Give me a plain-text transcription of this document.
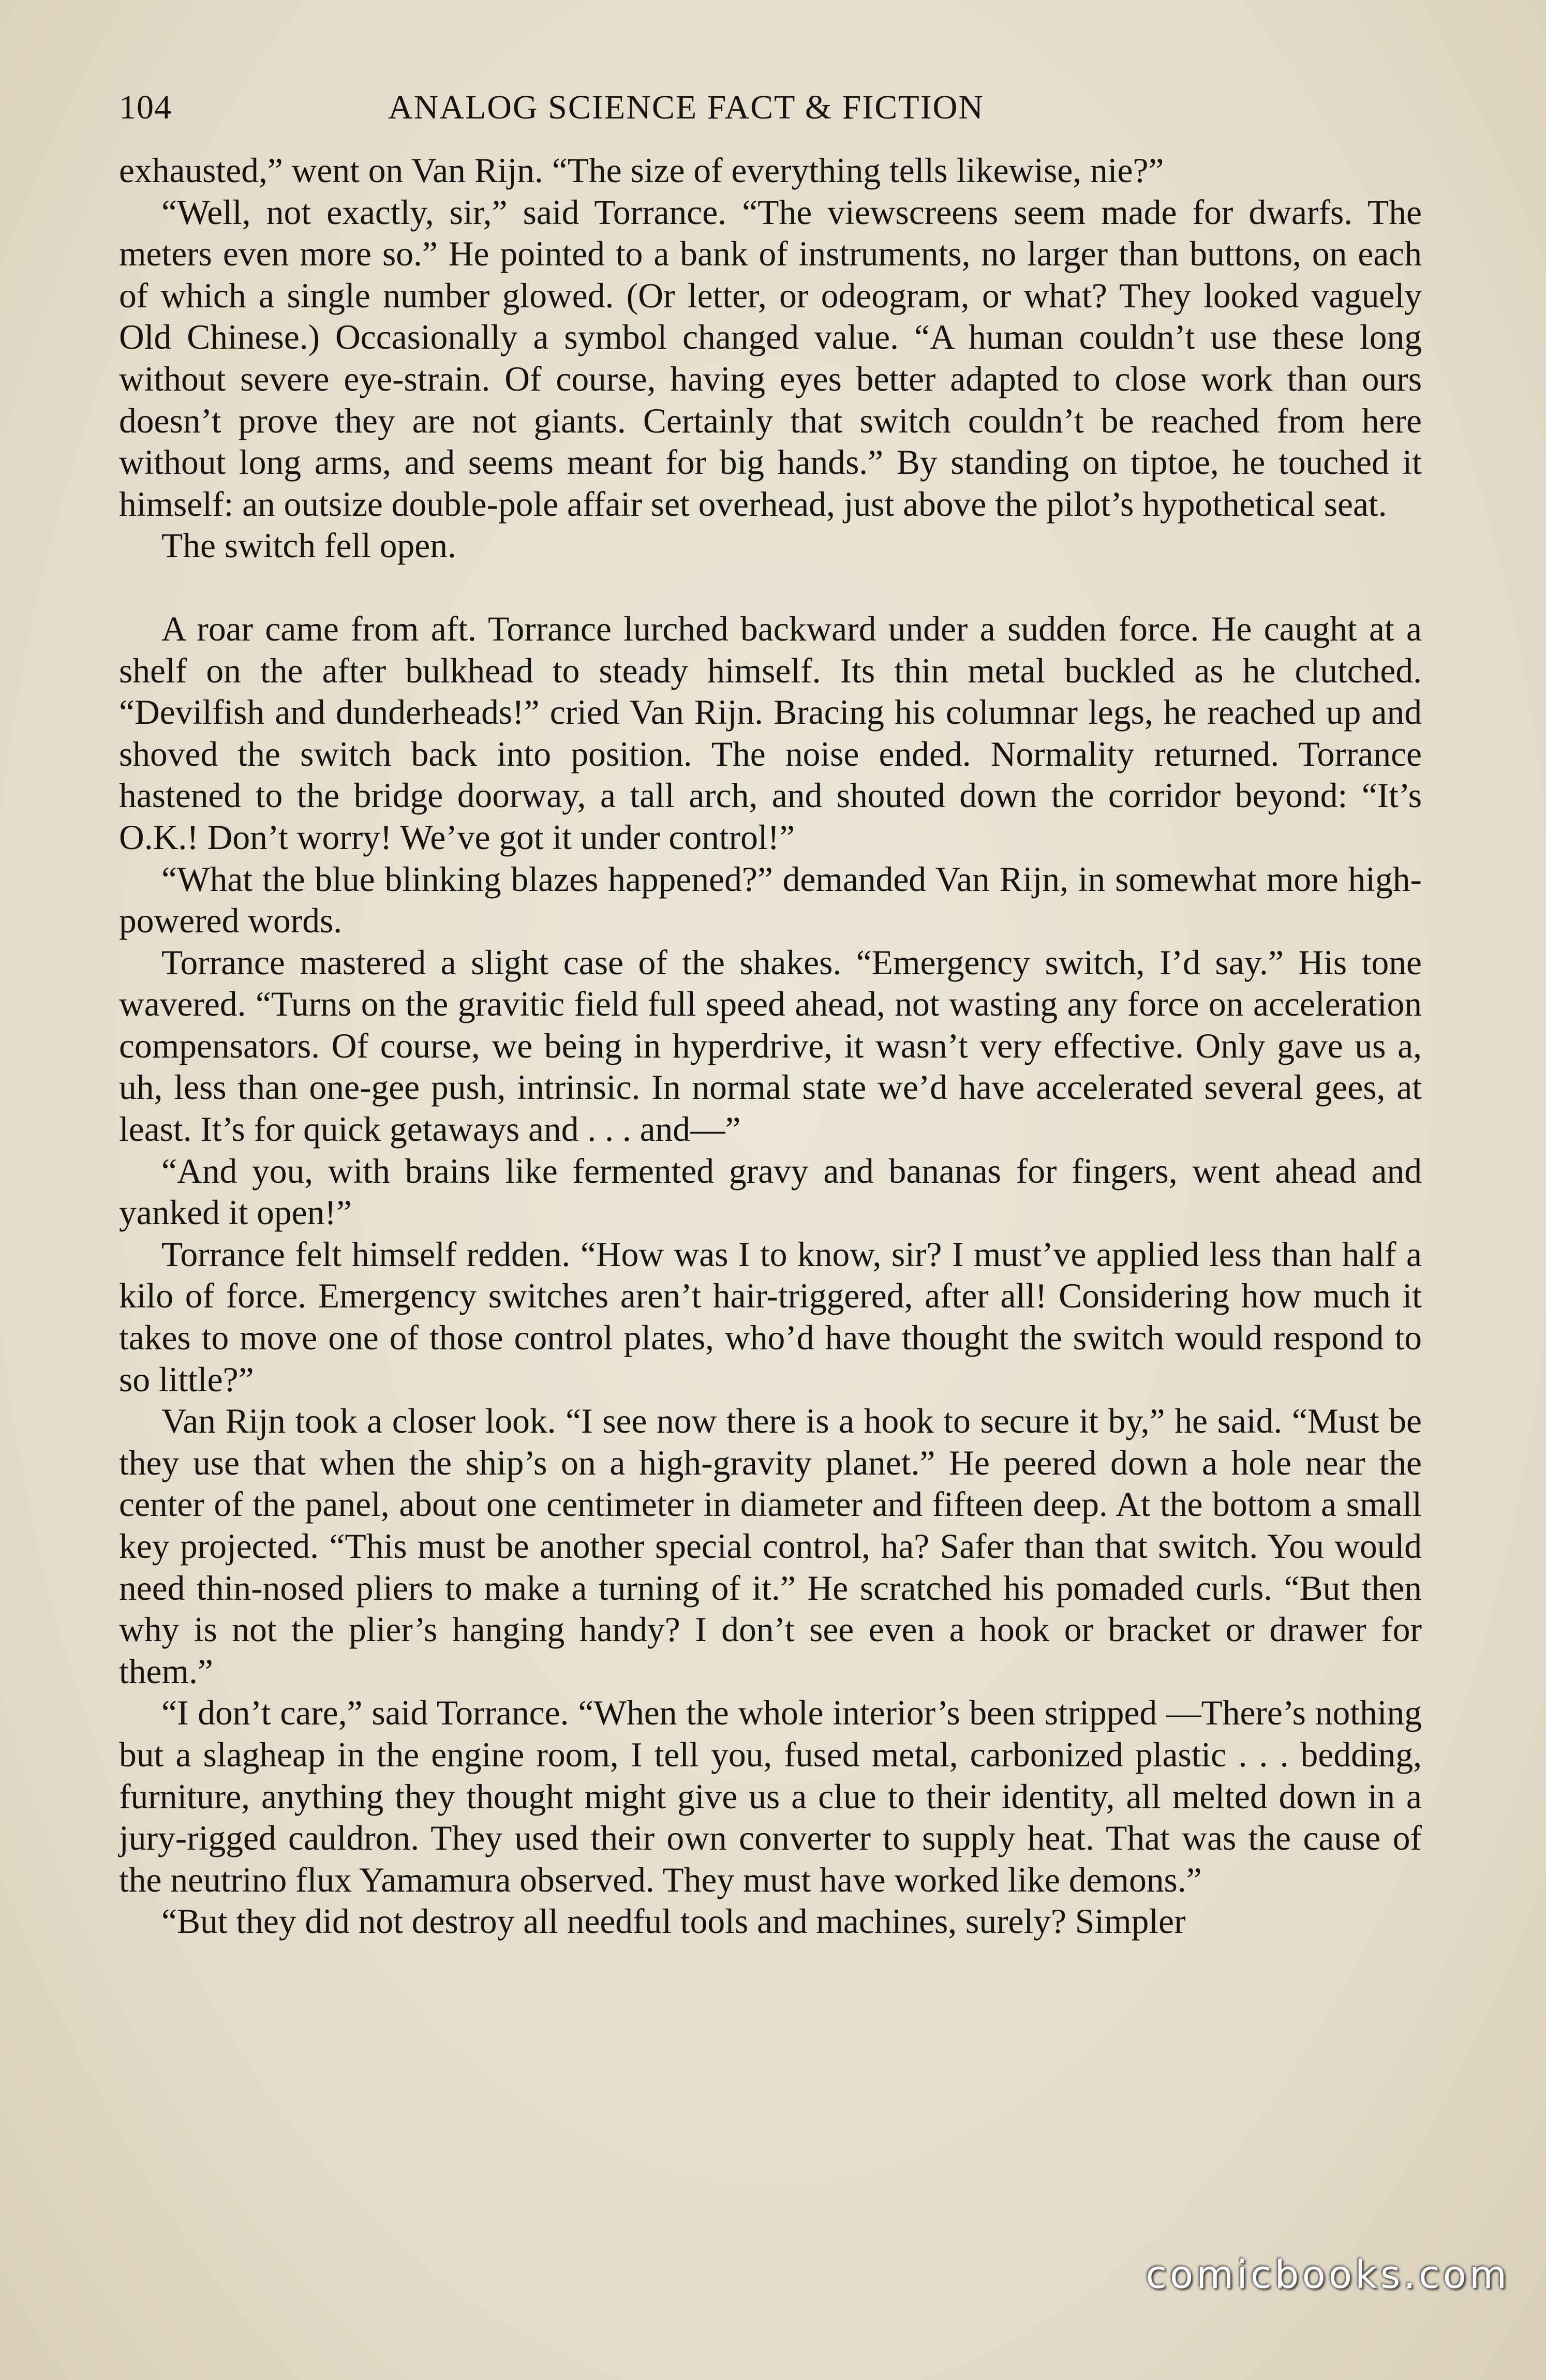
104	ANALOG SCIENCE FACT & FICTION

exhausted,” went on Van Rijn. “The size of everything tells likewise, nie?”

“Well, not exactly, sir,” said Torrance. “The viewscreens seem made for dwarfs. The meters even more so.” He pointed to a bank of instruments, no larger than buttons, on each of which a single number glowed. (Or letter, or odeogram, or what? They looked vaguely Old Chinese.) Occasionally a symbol changed value. “A human couldn’t use these long without severe eye-strain. Of course, having eyes better adapted to close work than ours doesn’t prove they are not giants. Certainly that switch couldn’t be reached from here without long arms, and seems meant for big hands.” By standing on tiptoe, he touched it himself: an outsize double-pole affair set overhead, just above the pilot’s hypothetical seat.

The switch fell open.

A roar came from aft. Torrance lurched backward under a sudden force. He caught at a shelf on the after bulkhead to steady himself. Its thin metal buckled as he clutched. “Devilfish and dunderheads!” cried Van Rijn. Bracing his columnar legs, he reached up and shoved the switch back into position. The noise ended. Normality returned. Torrance hastened to the bridge doorway, a tall arch, and shouted down the corridor beyond: “It’s O.K.! Don’t worry! We’ve got it under control!”

“What the blue blinking blazes happened?” demanded Van Rijn, in somewhat more high-powered words.

Torrance mastered a slight case of the shakes. “Emergency switch, I’d say.” His tone wavered. “Turns on the gravitic field full speed ahead, not wasting any force on acceleration compensators. Of course, we being in hyperdrive, it wasn’t very effective. Only gave us a, uh, less than one-gee push, intrinsic. In normal state we’d have accelerated several gees, at least. It’s for quick getaways and . . . and—”

“And you, with brains like fermented gravy and bananas for fingers, went ahead and yanked it open!”

Torrance felt himself redden. “How was I to know, sir? I must’ve applied less than half a kilo of force. Emergency switches aren’t hair-triggered, after all! Considering how much it takes to move one of those control plates, who’d have thought the switch would respond to so little?”

Van Rijn took a closer look. “I see now there is a hook to secure it by,” he said. “Must be they use that when the ship’s on a high-gravity planet.” He peered down a hole near the center of the panel, about one centimeter in diameter and fifteen deep. At the bottom a small key projected. “This must be another special control, ha? Safer than that switch. You would need thin-nosed pliers to make a turning of it.” He scratched his pomaded curls. “But then why is not the plier’s hanging handy? I don’t see even a hook or bracket or drawer for them.”

“I don’t care,” said Torrance. “When the whole interior’s been stripped —There’s nothing but a slagheap in the engine room, I tell you, fused metal, carbonized plastic . . . bedding, furniture, anything they thought might give us a clue to their identity, all melted down in a jury-rigged cauldron. They used their own converter to supply heat. That was the cause of the neutrino flux Yamamura observed. They must have worked like demons.”

“But they did not destroy all needful tools and machines, surely? Simpler

comicbooks.com
